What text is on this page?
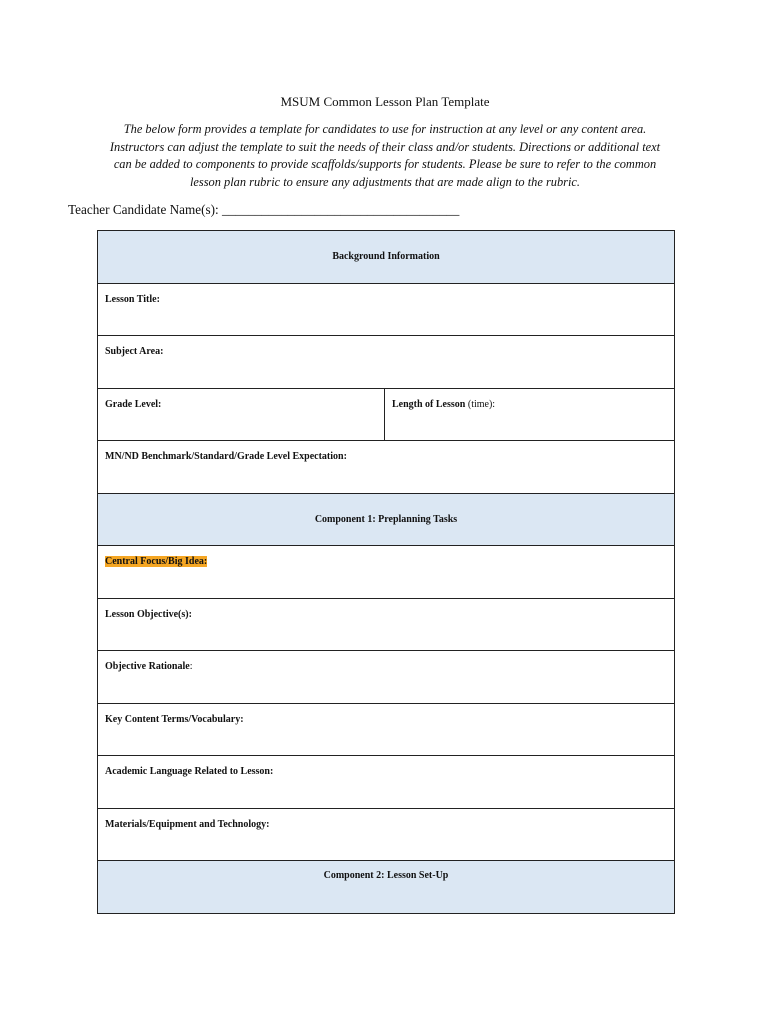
MSUM Common Lesson Plan Template
The below form provides a template for candidates to use for instruction at any level or any content area.
Instructors can adjust the template to suit the needs of their class and/or students. Directions or additional text
can be added to components to provide scaffolds/supports for students. Please be sure to refer to the common
lesson plan rubric to ensure any adjustments that are made align to the rubric.
Teacher Candidate Name(s): ____________________________________
Background Information

Lesson Title:

Subject Area:

Grade Level:	Length of Lesson (time):

MN/ND Benchmark/Standard/Grade Level Expectation:

Component 1: Preplanning Tasks

Central Focus/Big Idea:

Lesson Objective(s):

Objective Rationale:

Key Content Terms/Vocabulary:

Academic Language Related to Lesson:

Materials/Equipment and Technology:

Component 2: Lesson Set-Up
